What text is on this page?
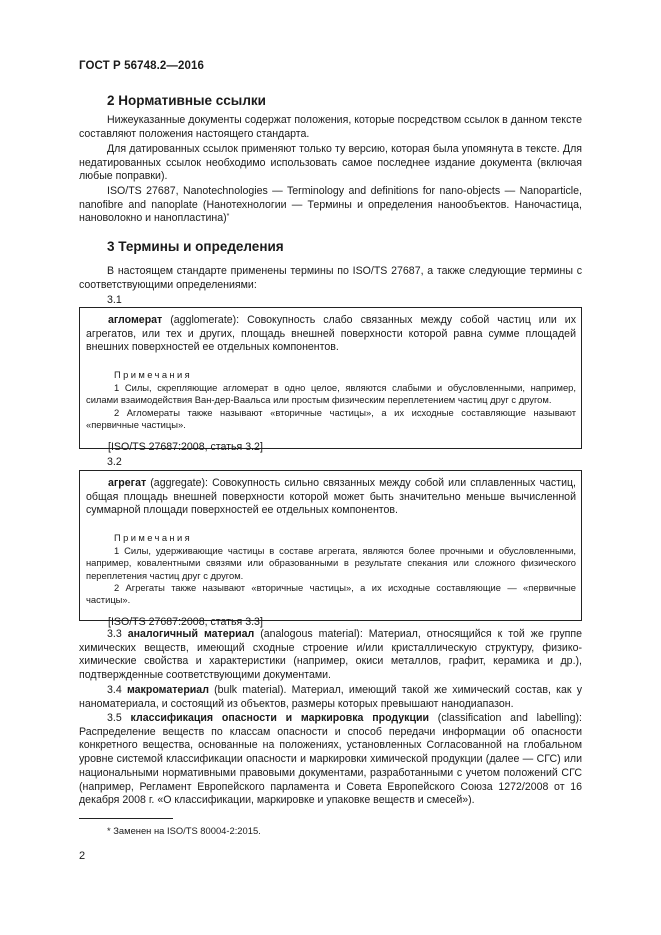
ГОСТ Р 56748.2—2016
2 Нормативные ссылки

Нижеуказанные документы содержат положения, которые посредством ссылок в данном тексте составляют положения настоящего стандарта.

Для датированных ссылок применяют только ту версию, которая была упомянута в тексте. Для недатированных ссылок необходимо использовать самое последнее издание документа (включая любые поправки).

ISO/TS 27687, Nanotechnologies — Terminology and definitions for nano-objects — Nanoparticle, nanofibre and nanoplate (Нанотехнологии — Термины и определения нанообъектов. Наночастица, нановолокно и нанопластина)*

3 Термины и определения

В настоящем стандарте применены термины по ISO/TS 27687, а также следующие термины с соответствующими определениями:

3.1

агломерат (agglomerate): Совокупность слабо связанных между собой частиц или их агрегатов, или тех и других, площадь внешней поверхности которой равна сумме площадей внешних поверхностей ее отдельных компонентов.

Примечания

1 Силы, скрепляющие агломерат в одно целое, являются слабыми и обусловленными, например, силами взаимодействия Ван-дер-Ваальса или простым физическим переплетением частиц друг с другом.

2 Агломераты также называют «вторичные частицы», а их исходные составляющие называют «первичные частицы».

[ISO/TS 27687:2008, статья 3.2]
3.2

агрегат (aggregate): Совокупность сильно связанных между собой или сплавленных частиц, общая площадь внешней поверхности которой может быть значительно меньше вычисленной суммарной площади поверхностей ее отдельных компонентов.

Примечания

1 Силы, удерживающие частицы в составе агрегата, являются более прочными и обусловленными, например, ковалентными связями или образованными в результате спекания или сложного физического переплетения частиц друг с другом.

2 Агрегаты также называют «вторичные частицы», а их исходные составляющие — «первичные частицы».

[ISO/TS 27687:2008, статья 3.3]

3.3 аналогичный материал (analogous material): Материал, относящийся к той же группе химических веществ, имеющий сходные строение и/или кристаллическую структуру, физико-химические свойства и характеристики (например, окиси металлов, графит, керамика и др.), подтвержденные соответствующими документами.

3.4 макроматериал (bulk material). Материал, имеющий такой же химический состав, как у наноматериала, и состоящий из объектов, размеры которых превышают нанодиапазон.

3.5 классификация опасности и маркировка продукции (classification and labelling): Распределение веществ по классам опасности и способ передачи информации об опасности конкретного вещества, основанные на положениях, установленных Согласованной на глобальном уровне системой классификации опасности и маркировки химической продукции (далее — СГС) или национальными нормативными правовыми документами, разработанными с учетом положений СГС (например, Регламент Европейского парламента и Совета Европейского Союза 1272/2008 от 16 декабря 2008 г. «О классификации, маркировке и упаковке веществ и смесей»).

* Заменен на ISO/TS 80004-2:2015.
2
